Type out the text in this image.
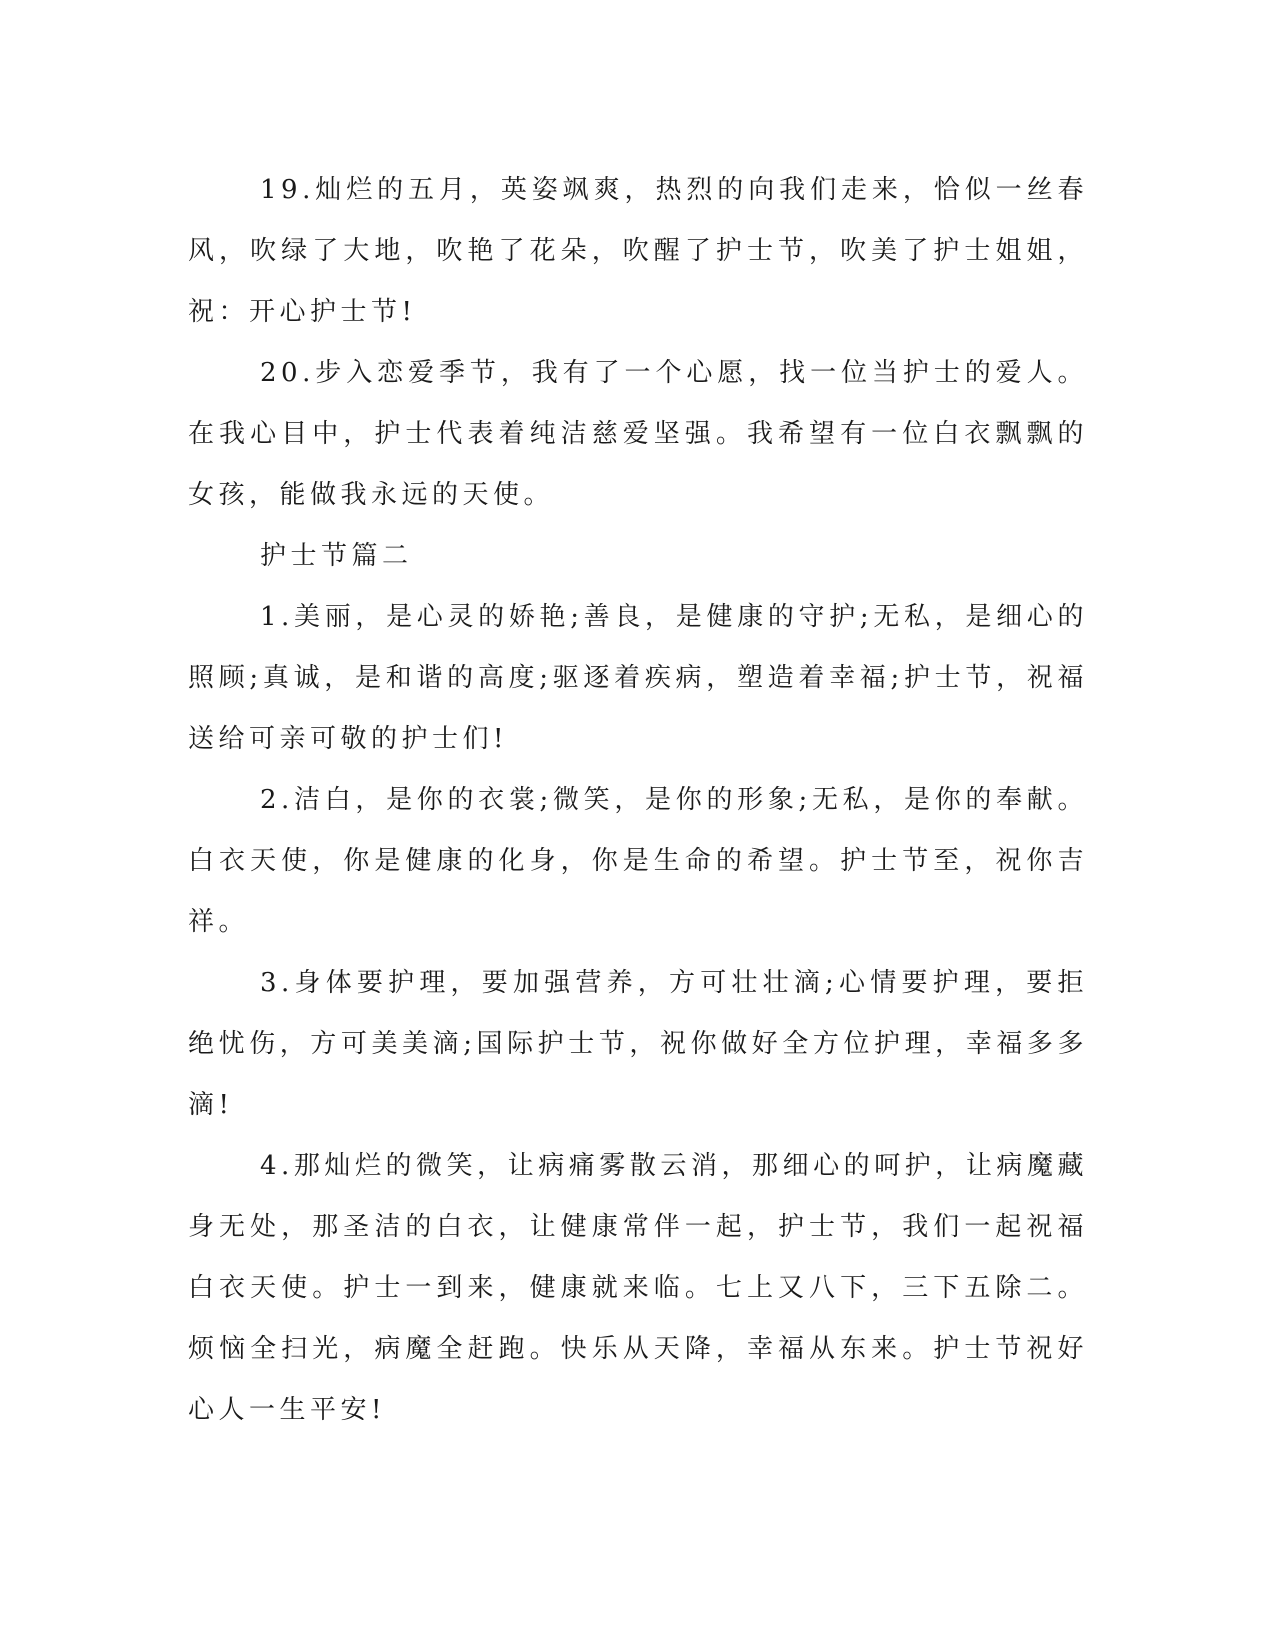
19.灿烂的五月，英姿飒爽，热烈的向我们走来，恰似一丝春风，吹绿了大地，吹艳了花朵，吹醒了护士节，吹美了护士姐姐，祝：开心护士节!

20.步入恋爱季节，我有了一个心愿，找一位当护士的爱人。在我心目中，护士代表着纯洁慈爱坚强。我希望有一位白衣飘飘的女孩，能做我永远的天使。

护士节篇二

1.美丽，是心灵的娇艳;善良，是健康的守护;无私，是细心的照顾;真诚，是和谐的高度;驱逐着疾病，塑造着幸福;护士节，祝福送给可亲可敬的护士们!

2.洁白，是你的衣裳;微笑，是你的形象;无私，是你的奉献。白衣天使，你是健康的化身，你是生命的希望。护士节至，祝你吉祥。

3.身体要护理，要加强营养，方可壮壮滴;心情要护理，要拒绝忧伤，方可美美滴;国际护士节，祝你做好全方位护理，幸福多多滴!

4.那灿烂的微笑，让病痛雾散云消，那细心的呵护，让病魔藏身无处，那圣洁的白衣，让健康常伴一起，护士节，我们一起祝福白衣天使。护士一到来，健康就来临。七上又八下，三下五除二。烦恼全扫光，病魔全赶跑。快乐从天降，幸福从东来。护士节祝好心人一生平安!
